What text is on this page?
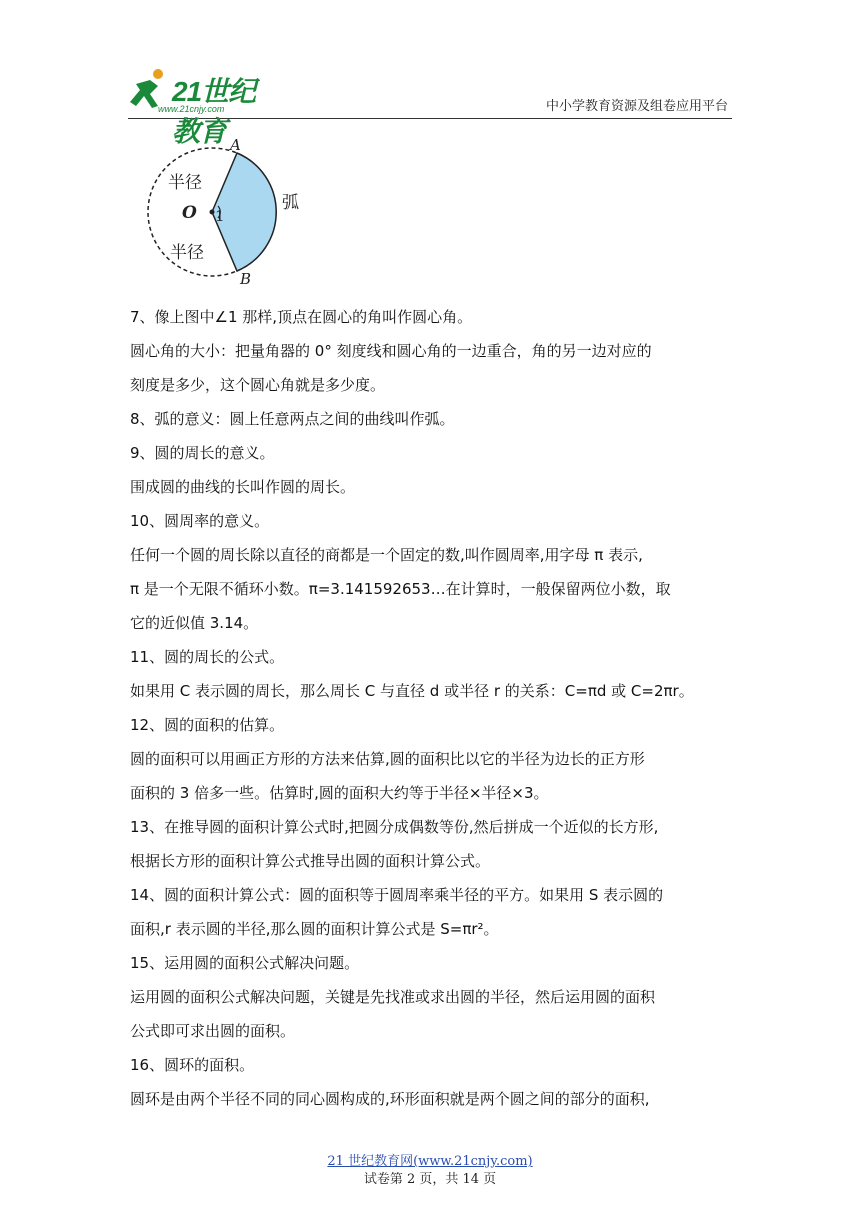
21世纪教育
www.21cnjy.com	中小学教育资源及组卷应用平台
A
B
O 1
半径
半径
弧

7、像上图中∠1 那样,顶点在圆心的角叫作圆心角。

圆心角的大小：把量角器的 0° 刻度线和圆心角的一边重合，角的另一边对应的

刻度是多少，这个圆心角就是多少度。

8、弧的意义：圆上任意两点之间的曲线叫作弧。

9、圆的周长的意义。

围成圆的曲线的长叫作圆的周长。

10、圆周率的意义。

任何一个圆的周长除以直径的商都是一个固定的数,叫作圆周率,用字母 π 表示,

π 是一个无限不循环小数。π=3.141592653…在计算时，一般保留两位小数，取

它的近似值 3.14。

11、圆的周长的公式。

如果用 C 表示圆的周长，那么周长 C 与直径 d 或半径 r 的关系：C=πd 或 C=2πr。

12、圆的面积的估算。

圆的面积可以用画正方形的方法来估算,圆的面积比以它的半径为边长的正方形

面积的 3 倍多一些。估算时,圆的面积大约等于半径×半径×3。

13、在推导圆的面积计算公式时,把圆分成偶数等份,然后拼成一个近似的长方形,

根据长方形的面积计算公式推导出圆的面积计算公式。

14、圆的面积计算公式：圆的面积等于圆周率乘半径的平方。如果用 S 表示圆的

面积,r 表示圆的半径,那么圆的面积计算公式是 S=πr²。

15、运用圆的面积公式解决问题。

运用圆的面积公式解决问题，关键是先找准或求出圆的半径，然后运用圆的面积

公式即可求出圆的面积。

16、圆环的面积。

圆环是由两个半径不同的同心圆构成的,环形面积就是两个圆之间的部分的面积,

21 世纪教育网(www.21cnjy.com)
试卷第 2 页，共 14 页
